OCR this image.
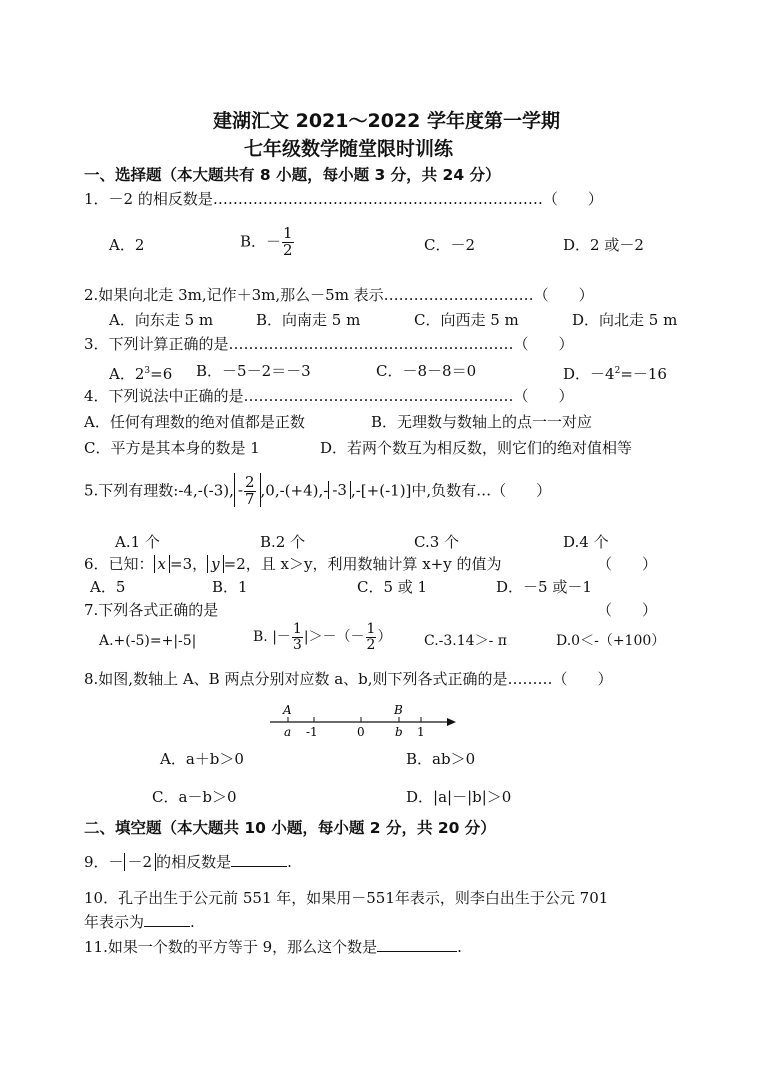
建湖汇文 2021～2022 学年度第一学期
七年级数学随堂限时训练
一、选择题（本大题共有 8 小题，每小题 3 分，共 24 分）
1．－2 的相反数是…………………………………………………………（　　）
A．2	B．－ $\frac{1}{2}$	C．－2	D．2 或－2
2.如果向北走 3m,记作＋3m,那么－5m 表示…………………………（　　）
A．向东走 5 m	B．向南走 5 m	C．向西走 5 m	D．向北走 5 m
3．下列计算正确的是…………………………………………………（　　）
A．$2^3=6$ B．－5－2＝－3	C．－8－8＝0	D．$-4^2=-16$
4．下列说法中正确的是………………………………………………（　　）
A．任何有理数的绝对值都是正数	B．无理数与数轴上的点一一对应
C．平方是其本身的数是 1	D．若两个数互为相反数，则它们的绝对值相等
5.下列有理数:-4,-(-3), - $\frac{2}{7} ,0,-(+4),-$ -3 ,-[+(-1)]中,负数有…（　　）
A.1 个	B.2 个	C.3 个	D.4 个
6．已知： x =3， y =2，且 x＞y，利用数轴计算 x+y 的值为	（　　）
A．5	B．1	C．5 或 1	D．－5 或－1
7.下列各式正确的是	（　　）
A.+(-5)=+|-5|	B. |－ $\frac{1}{3}$ |＞－（－ $\frac{1}{2}$ ） C.-3.14＞- π	D.0＜-（+100）
8.如图,数轴上 A、B 两点分别对应数 a、b,则下列各式正确的是………（　　）
A	B
a -1	0	b 1
A．a＋b＞0	B．ab＞0
C．a－b＞0	D．|a|－|b|＞0
二、填空题（本大题共 10 小题，每小题 2 分，共 20 分）
9．－ －2 的相反数是	.
10．孔子出生于公元前 551 年，如果用－551年表示，则李白出生于公元 701
年表示为	.
11.如果一个数的平方等于 9，那么这个数是	.
